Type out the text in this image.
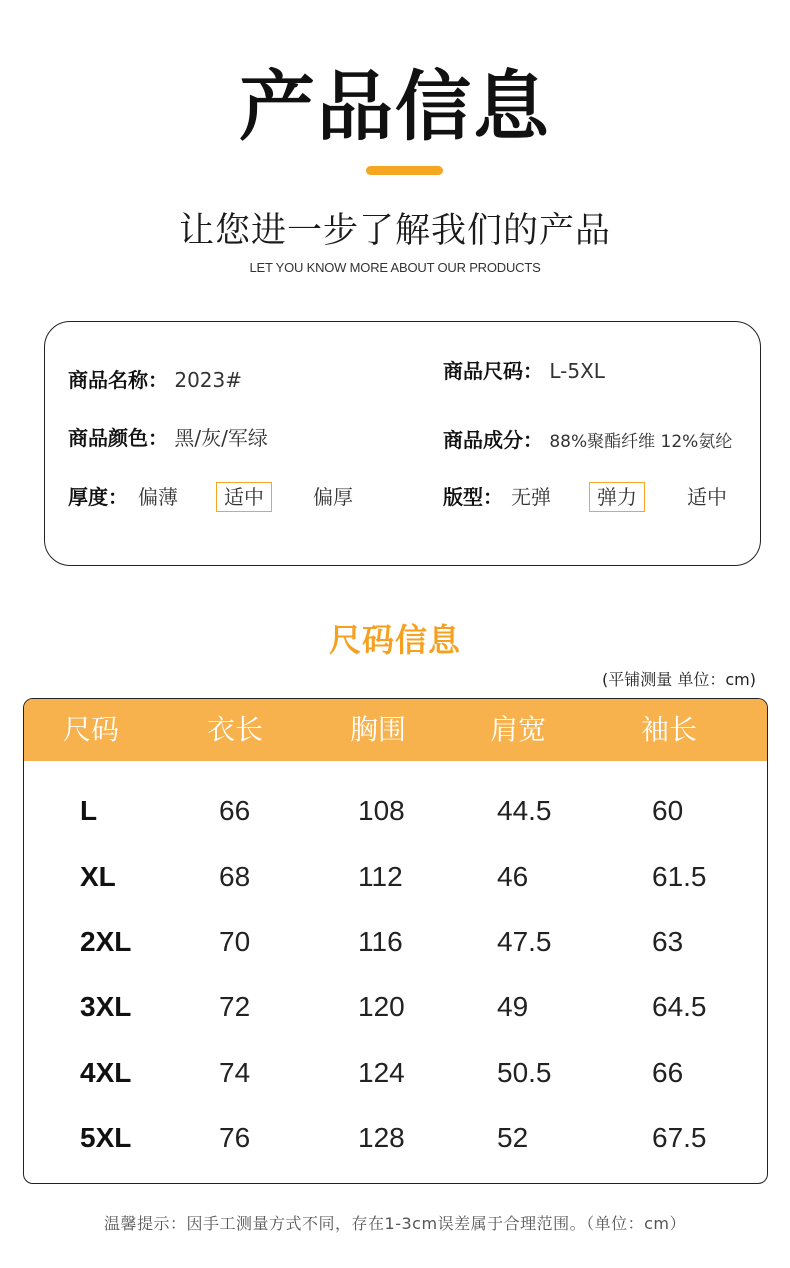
产品信息
让您进一步了解我们的产品
LET YOU KNOW MORE ABOUT OUR PRODUCTS
商品名称： 2023#	商品尺码： L-5XL
商品颜色： 黑/灰/军绿	商品成分： 88%聚酯纤维 12%氨纶
厚度： 偏薄	适中	偏厚	版型： 无弹	弹力	适中
尺码信息
(平铺测量 单位：cm)
尺码	衣长	胸围	肩宽	袖长
L	66	108	44.5	60
XL	68	112	46	61.5
2XL	70	116	47.5	63
3XL	72	120	49	64.5
4XL	74	124	50.5	66
5XL	76	128	52	67.5
温馨提示：因手工测量方式不同，存在1-3cm误差属于合理范围。（单位：cm）
